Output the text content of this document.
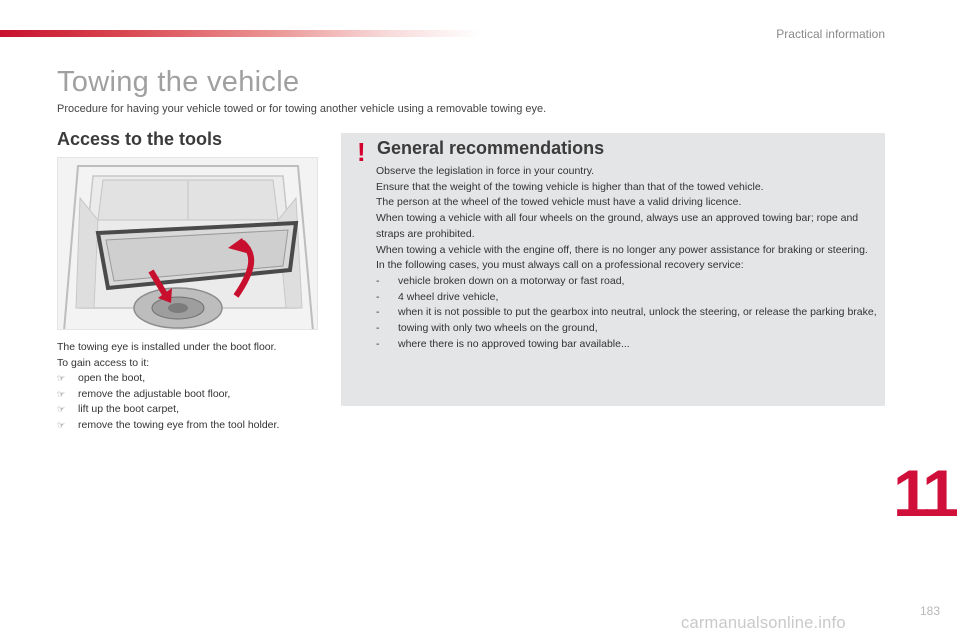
Practical information
Towing the vehicle

Procedure for having your vehicle towed or for towing another vehicle using a removable towing eye.

Access to the tools
The towing eye is installed under the boot floor.
To gain access to it:
☞	open the boot,
☞	remove the adjustable boot floor,
☞	lift up the boot carpet,
☞	remove the towing eye from the tool holder.
! General recommendations
Observe the legislation in force in your country.
Ensure that the weight of the towing vehicle is higher than that of the towed vehicle.
The person at the wheel of the towed vehicle must have a valid driving licence.
When towing a vehicle with all four wheels on the ground, always use an approved towing bar; rope and straps are prohibited.
When towing a vehicle with the engine off, there is no longer any power assistance for braking or steering.
In the following cases, you must always call on a professional recovery service:
-	vehicle broken down on a motorway or fast road,
-	4 wheel drive vehicle,
-	when it is not possible to put the gearbox into neutral, unlock the steering, or release the parking brake,
-	towing with only two wheels on the ground,
-	where there is no approved towing bar available...
11
183
carmanualsonline.info
